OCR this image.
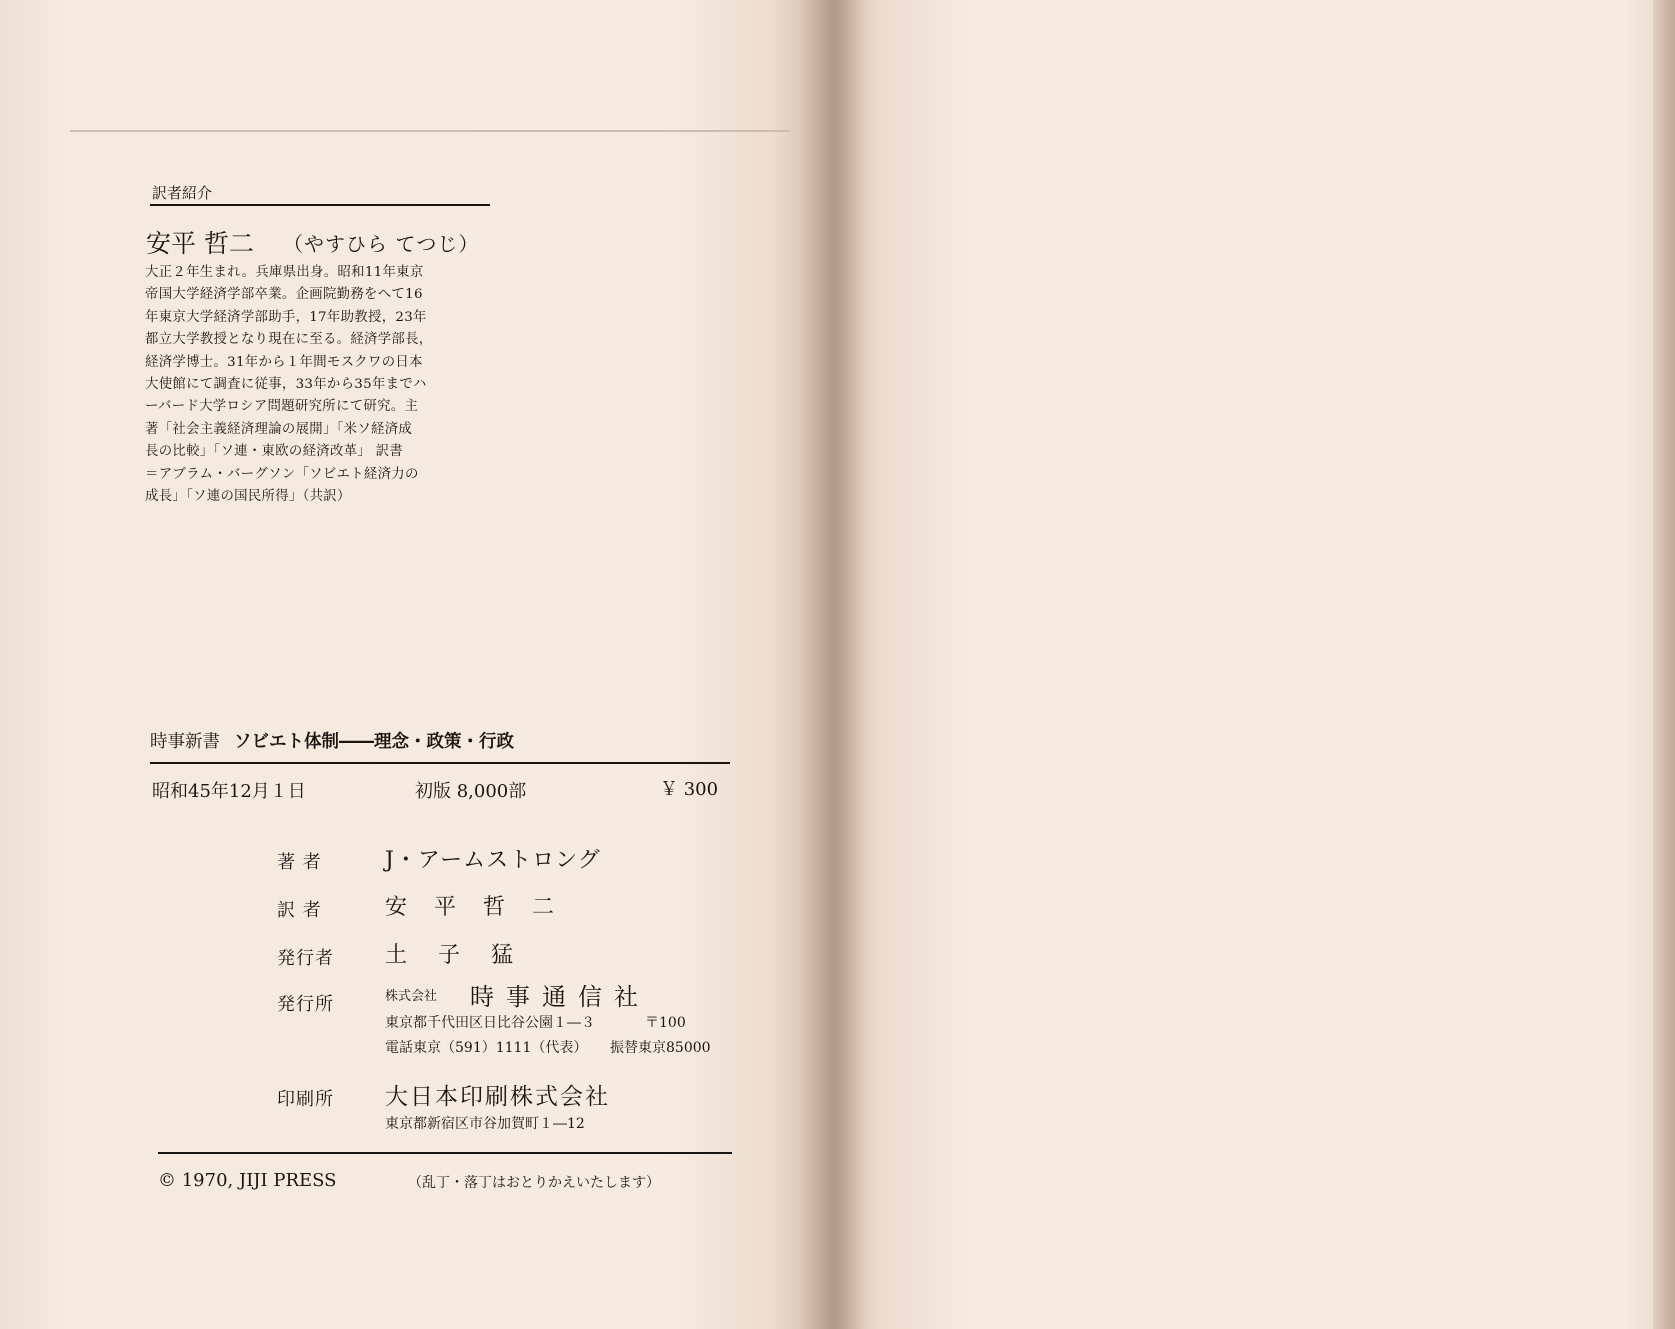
訳者紹介
安平 哲二 （やすひら てつじ）
大正２年生まれ。兵庫県出身。昭和11年東京
帝国大学経済学部卒業。企画院勤務をへて16
年東京大学経済学部助手，17年助教授，23年
都立大学教授となり現在に至る。経済学部長，
経済学博士。31年から１年間モスクワの日本
大使館にて調査に従事，33年から35年までハ
ーバード大学ロシア問題研究所にて研究。主
著「社会主義経済理論の展開」「米ソ経済成
長の比較」「ソ連・東欧の経済改革」 訳書
＝アブラム・バーグソン「ソビエト経済力の
成長」「ソ連の国民所得」（共訳）
時事新書 ソビエト体制――理念・政策・行政
昭和45年12月１日	初版 8,000部	￥ 300
著 者	J・アームストロング
訳 者	安 平 哲 二
発行者 土 子 猛
発行所	株式会社 時事通信社
東京都千代田区日比谷公園１―３	〒100
電話東京（591）1111（代表） 振替東京85000
印刷所 大日本印刷株式会社
東京都新宿区市谷加賀町１―12
© 1970, JIJI PRESS	（乱丁・落丁はおとりかえいたします）
